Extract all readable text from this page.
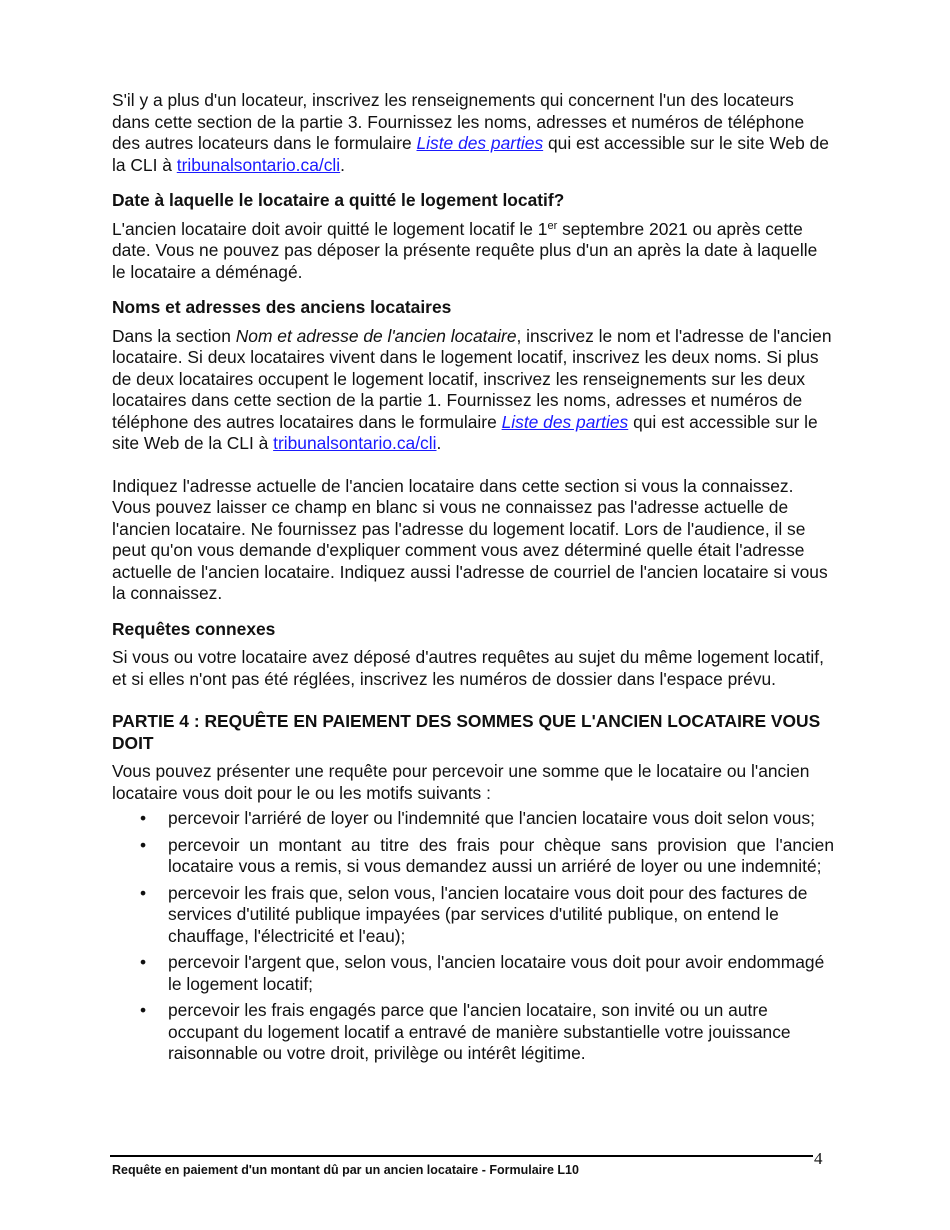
S'il y a plus d'un locateur, inscrivez les renseignements qui concernent l'un des locateurs dans cette section de la partie 3. Fournissez les noms, adresses et numéros de téléphone des autres locateurs dans le formulaire Liste des parties qui est accessible sur le site Web de la CLI à tribunalsontario.ca/cli.

Date à laquelle le locataire a quitté le logement locatif?

L'ancien locataire doit avoir quitté le logement locatif le 1er septembre 2021 ou après cette date. Vous ne pouvez pas déposer la présente requête plus d'un an après la date à laquelle le locataire a déménagé.

Noms et adresses des anciens locataires

Dans la section Nom et adresse de l'ancien locataire, inscrivez le nom et l'adresse de l'ancien locataire. Si deux locataires vivent dans le logement locatif, inscrivez les deux noms. Si plus de deux locataires occupent le logement locatif, inscrivez les renseignements sur les deux locataires dans cette section de la partie 1. Fournissez les noms, adresses et numéros de téléphone des autres locataires dans le formulaire Liste des parties qui est accessible sur le site Web de la CLI à tribunalsontario.ca/cli.

Indiquez l'adresse actuelle de l'ancien locataire dans cette section si vous la connaissez. Vous pouvez laisser ce champ en blanc si vous ne connaissez pas l'adresse actuelle de l'ancien locataire. Ne fournissez pas l'adresse du logement locatif. Lors de l'audience, il se peut qu'on vous demande d'expliquer comment vous avez déterminé quelle était l'adresse actuelle de l'ancien locataire. Indiquez aussi l'adresse de courriel de l'ancien locataire si vous la connaissez.

Requêtes connexes

Si vous ou votre locataire avez déposé d'autres requêtes au sujet du même logement locatif, et si elles n'ont pas été réglées, inscrivez les numéros de dossier dans l'espace prévu.

PARTIE 4 : REQUÊTE EN PAIEMENT DES SOMMES QUE L'ANCIEN LOCATAIRE VOUS DOIT

Vous pouvez présenter une requête pour percevoir une somme que le locataire ou l'ancien locataire vous doit pour le ou les motifs suivants :

• percevoir l'arriéré de loyer ou l'indemnité que l'ancien locataire vous doit selon vous;
• percevoir un montant au titre des frais pour chèque sans provision que l'ancien locataire vous a remis, si vous demandez aussi un arriéré de loyer ou une indemnité;
• percevoir les frais que, selon vous, l'ancien locataire vous doit pour des factures de services d'utilité publique impayées (par services d'utilité publique, on entend le chauffage, l'électricité et l'eau);
• percevoir l'argent que, selon vous, l'ancien locataire vous doit pour avoir endommagé le logement locatif;
• percevoir les frais engagés parce que l'ancien locataire, son invité ou un autre occupant du logement locatif a entravé de manière substantielle votre jouissance raisonnable ou votre droit, privilège ou intérêt légitime.
4
Requête en paiement d'un montant dû par un ancien locataire - Formulaire L10
